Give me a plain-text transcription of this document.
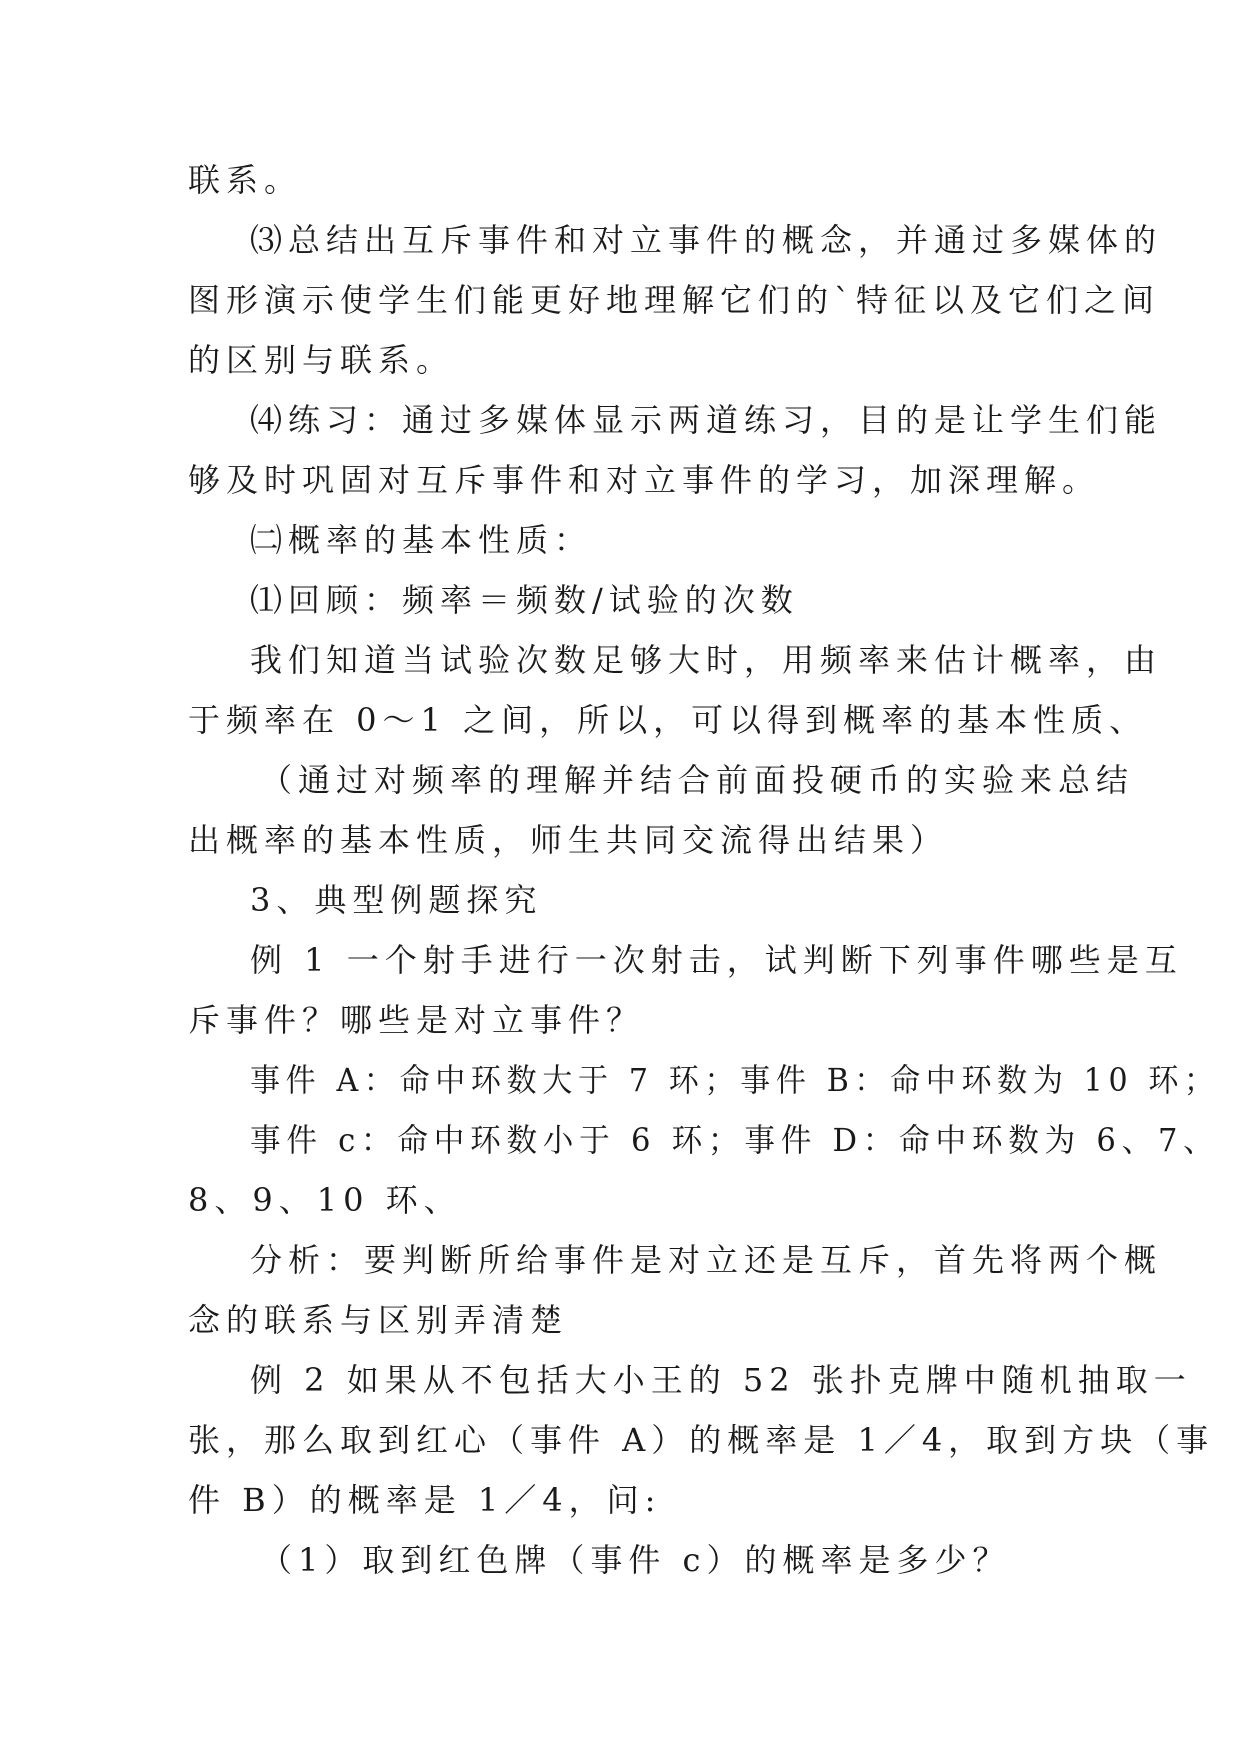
联系。
⑶总结出互斥事件和对立事件的概念，并通过多媒体的
图形演示使学生们能更好地理解它们的`特征以及它们之间
的区别与联系。
⑷练习：通过多媒体显示两道练习，目的是让学生们能
够及时巩固对互斥事件和对立事件的学习，加深理解。
㈡概率的基本性质：
⑴回顾：频率＝频数/试验的次数
我们知道当试验次数足够大时，用频率来估计概率，由
于频率在 0～1 之间，所以，可以得到概率的基本性质、
（通过对频率的理解并结合前面投硬币的实验来总结
出概率的基本性质，师生共同交流得出结果）
3、典型例题探究
例 1 一个射手进行一次射击，试判断下列事件哪些是互
斥事件？哪些是对立事件？
事件 A：命中环数大于 7 环；事件 B：命中环数为 10 环；
事件 c：命中环数小于 6 环；事件 D：命中环数为 6、7、
8、9、10 环、
分析：要判断所给事件是对立还是互斥，首先将两个概
念的联系与区别弄清楚
例 2 如果从不包括大小王的 52 张扑克牌中随机抽取一
张，那么取到红心（事件 A）的概率是 1／4，取到方块（事
件 B）的概率是 1／4，问:
（1）取到红色牌（事件 c）的概率是多少？
